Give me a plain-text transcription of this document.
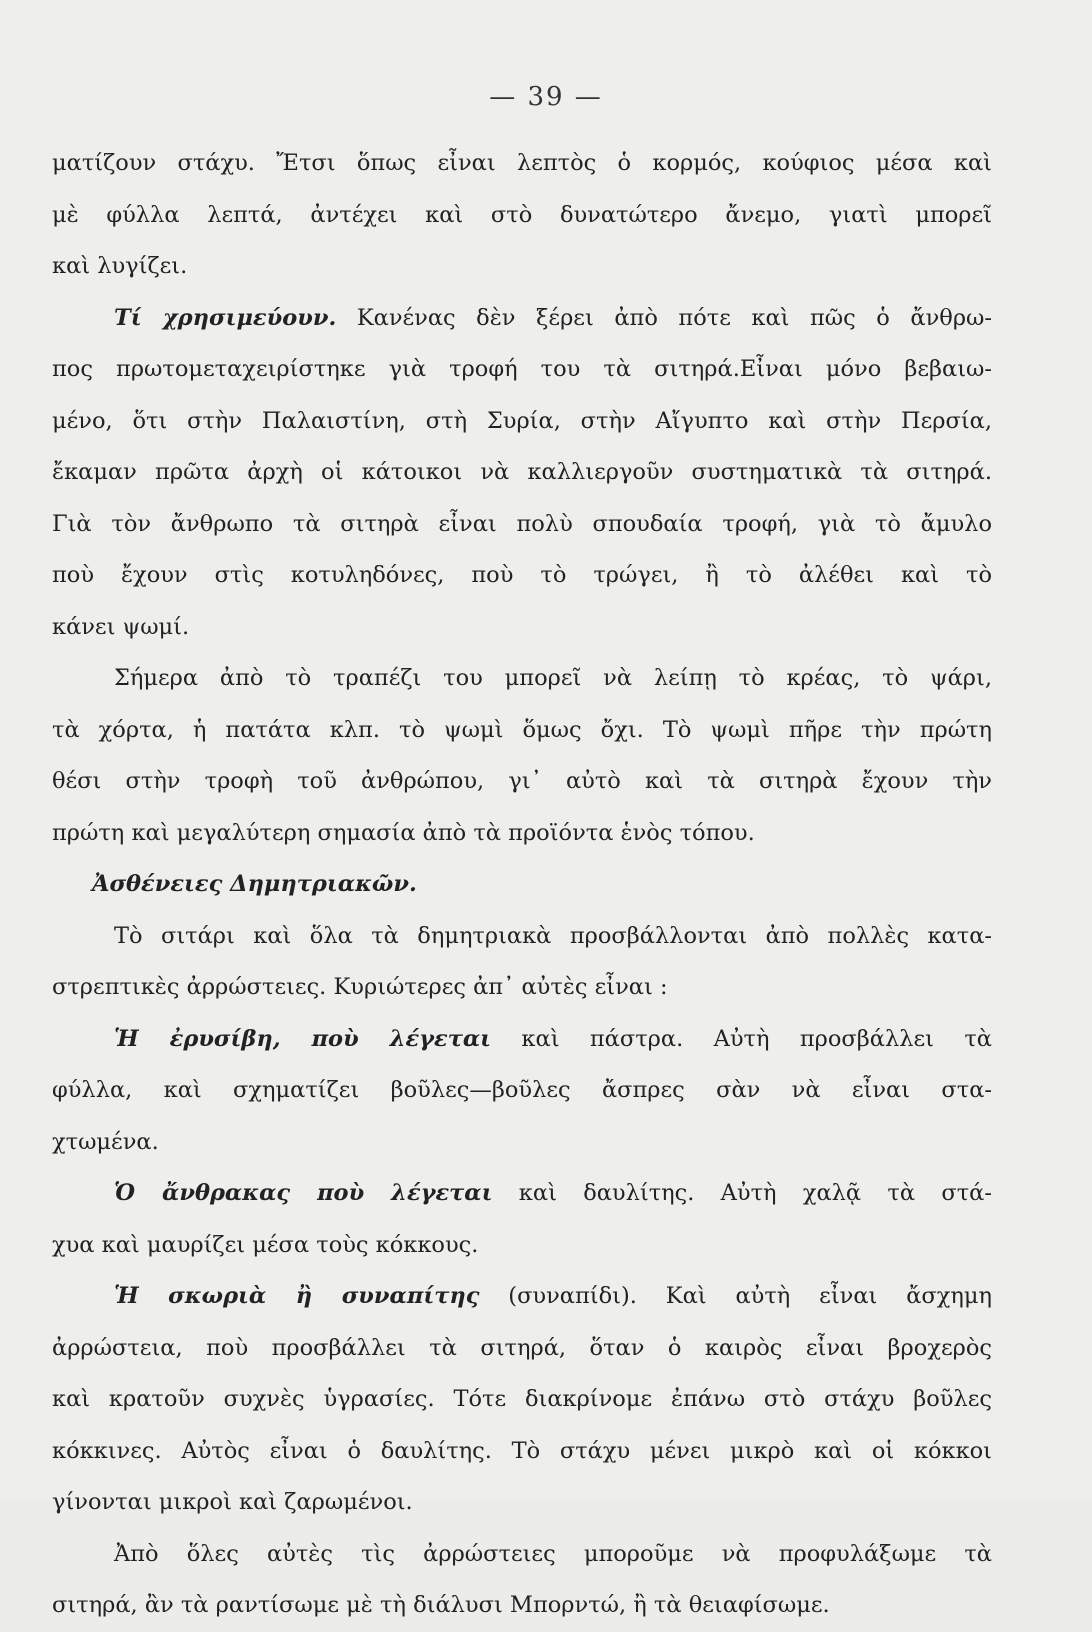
— 39 —
ματίζουν στάχυ. Ἔτσι ὅπως εἶναι λεπτὸς ὁ κορμός, κούφιος μέσα καὶ
μὲ φύλλα λεπτά, ἀντέχει καὶ στὸ δυνατώτερο ἄνεμο, γιατὶ μπορεῖ
καὶ λυγίζει.
Τί χρησιμεύουν. Κανένας δὲν ξέρει ἀπὸ πότε καὶ πῶς ὁ ἄνθρω-
πος πρωτομεταχειρίστηκε γιὰ τροφή του τὰ σιτηρά.Εἶναι μόνο βεβαιω-
μένο, ὅτι στὴν Παλαιστίνη, στὴ Συρία, στὴν Αἴγυπτο καὶ στὴν Περσία,
ἔκαμαν πρῶτα ἀρχὴ οἱ κάτοικοι νὰ καλλιεργοῦν συστηματικὰ τὰ σιτηρά.
Γιὰ τὸν ἄνθρωπο τὰ σιτηρὰ εἶναι πολὺ σπουδαία τροφή, γιὰ τὸ ἄμυλο
ποὺ ἔχουν στὶς κοτυληδόνες, ποὺ τὸ τρώγει, ἢ τὸ ἀλέθει καὶ τὸ
κάνει ψωμί.
Σήμερα ἀπὸ τὸ τραπέζι του μπορεῖ νὰ λείπῃ τὸ κρέας, τὸ ψάρι,
τὰ χόρτα, ἡ πατάτα κλπ. τὸ ψωμὶ ὅμως ὄχι. Τὸ ψωμὶ πῆρε τὴν πρώτη
θέσι στὴν τροφὴ τοῦ ἀνθρώπου, γι᾽ αὐτὸ καὶ τὰ σιτηρὰ ἔχουν τὴν
πρώτη καὶ μεγαλύτερη σημασία ἀπὸ τὰ προϊόντα ἑνὸς τόπου.
Ἀσθένειες Δημητριακῶν.
Τὸ σιτάρι καὶ ὅλα τὰ δημητριακὰ προσβάλλονται ἀπὸ πολλὲς κατα-
στρεπτικὲς ἀρρώστειες. Κυριώτερες ἀπ᾽ αὐτὲς εἶναι :
Ἡ ἐρυσίβη, ποὺ λέγεται καὶ πάστρα. Αὐτὴ προσβάλλει τὰ
φύλλα, καὶ σχηματίζει βοῦλες—βοῦλες ἄσπρες σὰν νὰ εἶναι στα-
χτωμένα.
Ὁ ἄνθρακας ποὺ λέγεται καὶ δαυλίτης. Αὐτὴ χαλᾷ τὰ στά-
χυα καὶ μαυρίζει μέσα τοὺς κόκκους.
Ἡ σκωριὰ ἢ συναπίτης (συναπίδι). Καὶ αὐτὴ εἶναι ἄσχημη
ἀρρώστεια, ποὺ προσβάλλει τὰ σιτηρά, ὅταν ὁ καιρὸς εἶναι βροχερὸς
καὶ κρατοῦν συχνὲς ὑγρασίες. Τότε διακρίνομε ἐπάνω στὸ στάχυ βοῦλες
κόκκινες. Αὐτὸς εἶναι ὁ δαυλίτης. Τὸ στάχυ μένει μικρὸ καὶ οἱ κόκκοι
γίνονται μικροὶ καὶ ζαρωμένοι.
Ἀπὸ ὅλες αὐτὲς τὶς ἀρρώστειες μποροῦμε νὰ προφυλάξωμε τὰ
σιτηρά, ἂν τὰ ραντίσωμε μὲ τὴ διάλυσι Μπορντώ, ἢ τὰ θειαφίσωμε.
